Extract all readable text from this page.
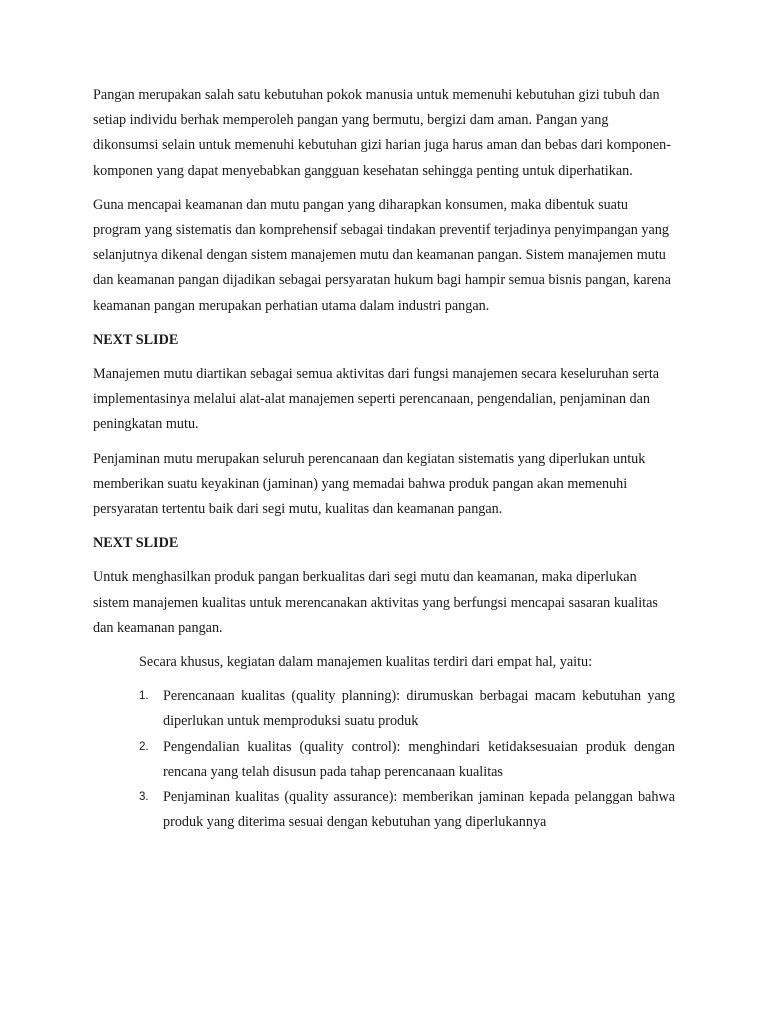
Pangan merupakan salah satu kebutuhan pokok manusia untuk memenuhi kebutuhan gizi tubuh dan setiap individu berhak memperoleh pangan yang bermutu, bergizi dam aman. Pangan yang dikonsumsi selain untuk memenuhi kebutuhan gizi harian juga harus aman dan bebas dari komponen-komponen yang dapat menyebabkan gangguan kesehatan sehingga penting untuk diperhatikan.

Guna mencapai keamanan dan mutu pangan yang diharapkan konsumen, maka dibentuk suatu program yang sistematis dan komprehensif sebagai tindakan preventif terjadinya penyimpangan yang selanjutnya dikenal dengan sistem manajemen mutu dan keamanan pangan. Sistem manajemen mutu dan keamanan pangan dijadikan sebagai persyaratan hukum bagi hampir semua bisnis pangan, karena keamanan pangan merupakan perhatian utama dalam industri pangan.

NEXT SLIDE

Manajemen mutu diartikan sebagai semua aktivitas dari fungsi manajemen secara keseluruhan serta implementasinya melalui alat-alat manajemen seperti perencanaan, pengendalian, penjaminan dan peningkatan mutu.

Penjaminan mutu merupakan seluruh perencanaan dan kegiatan sistematis yang diperlukan untuk memberikan suatu keyakinan (jaminan) yang memadai bahwa produk pangan akan memenuhi persyaratan tertentu baik dari segi mutu, kualitas dan keamanan pangan.

NEXT SLIDE

Untuk menghasilkan produk pangan berkualitas dari segi mutu dan keamanan, maka diperlukan sistem manajemen kualitas untuk merencanakan aktivitas yang berfungsi mencapai sasaran kualitas dan keamanan pangan.

Secara khusus, kegiatan dalam manajemen kualitas terdiri dari empat hal, yaitu:

1. Perencanaan kualitas (quality planning): dirumuskan berbagai macam kebutuhan yang diperlukan untuk memproduksi suatu produk
2. Pengendalian kualitas (quality control): menghindari ketidaksesuaian produk dengan rencana yang telah disusun pada tahap perencanaan kualitas
3. Penjaminan kualitas (quality assurance): memberikan jaminan kepada pelanggan bahwa produk yang diterima sesuai dengan kebutuhan yang diperlukannya
